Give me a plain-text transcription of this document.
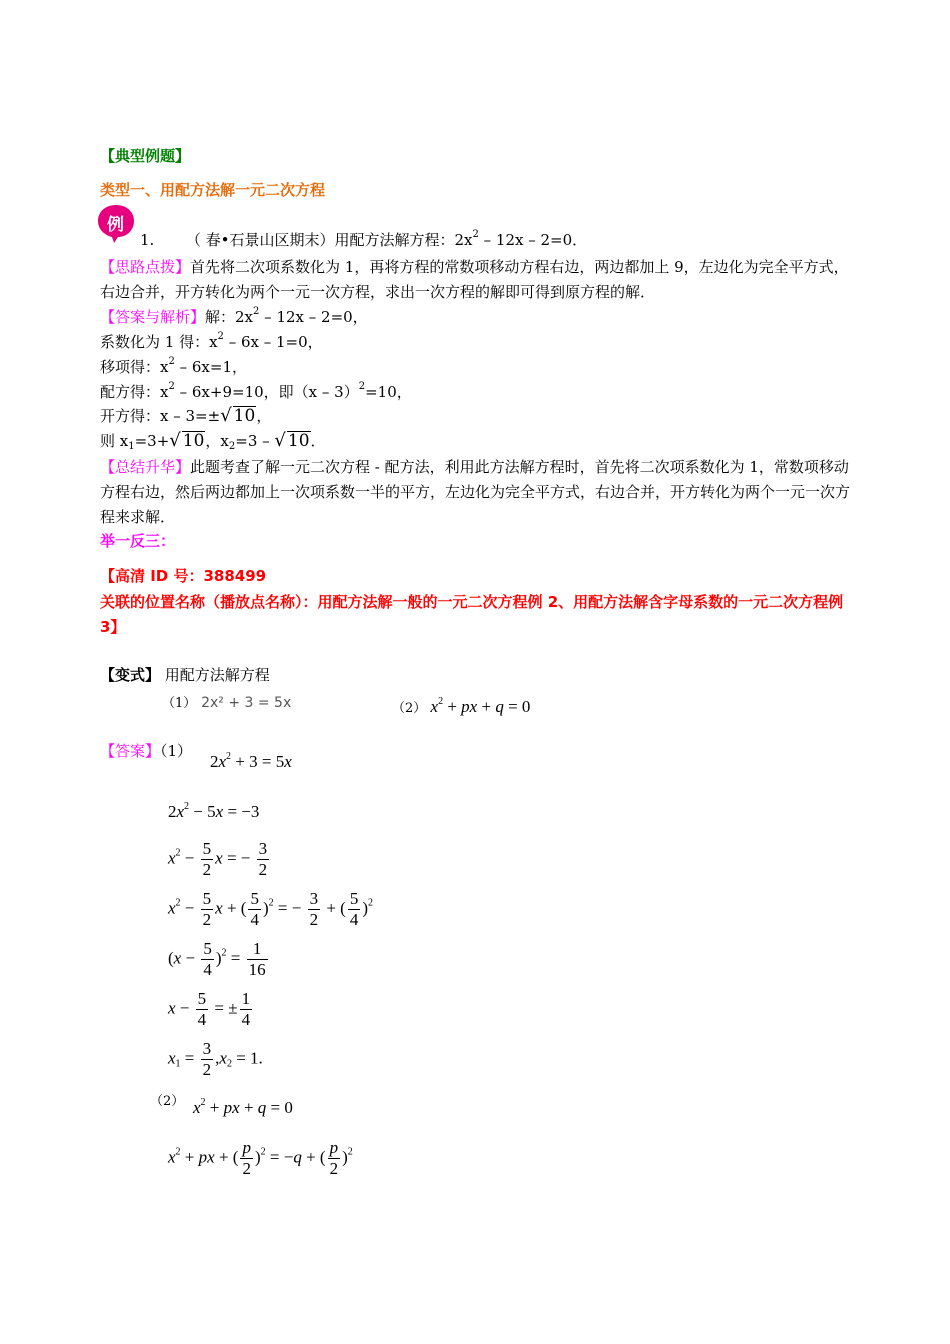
【典型例题】
类型一、用配方法解一元二次方程
例
1. （ 春•石景山区期末）用配方法解方程：$2x^2 - 12x - 2=0$．
【思路点拨】首先将二次项系数化为 1，再将方程的常数项移动方程右边，两边都加上 9，左边化为完全平方式，右边合并，开方转化为两个一元一次方程，求出一次方程的解即可得到原方程的解．
【答案与解析】解：$2x^2 - 12x - 2=0$，
系数化为 1 得：$x^2 - 6x - 1=0$，
移项得：$x^2 - 6x=1$，
配方得：$x^2 - 6x+9=10$，即（x – 3）$^2$=10，
开方得：x – 3=±√ 10，
则 $x_1=3+√$ 10，$x_2=3$ – √ 10．
【总结升华】此题考查了解一元二次方程 - 配方法，利用此方法解方程时，首先将二次项系数化为 1，常数项移动方程右边，然后两边都加上一次项系数一半的平方，左边化为完全平方式，右边合并，开方转化为两个一元一次方程来求解．
举一反三：
【高清 ID 号：388499
关联的位置名称（播放点名称）：用配方法解一般的一元二次方程例 2、用配方法解含字母系数的一元二次方程例 3】
【变式】 用配方法解方程
（1） 2x² + 3 = 5x	（2） $x^2$ + px + q = 0
【答案】（1）
$2x^2 + 3 = 5x$
$2x^2 - 5x = -3$
$x^2 - \frac{5}{2}$ x = − $\frac{3}{2}$
$x^2 - \frac{5}{2}$ x + ( $\frac{5}{4} )^2$ = − $\frac{3}{2}$ + ( $\frac{5}{4} )^2$
$(x - \frac{5}{4} )^2 = \frac{1}{16}$
$x - \frac{5}{4}$ = ± $\frac{1}{4}$
$x_1 = \frac{3}{2} ,x_2 = 1$.
（2） $x^2$ + px + q = 0
$x^2$ + px + ( $\frac{p}{2} )^2 = -q$ + ( $\frac{p}{2} )^2$
